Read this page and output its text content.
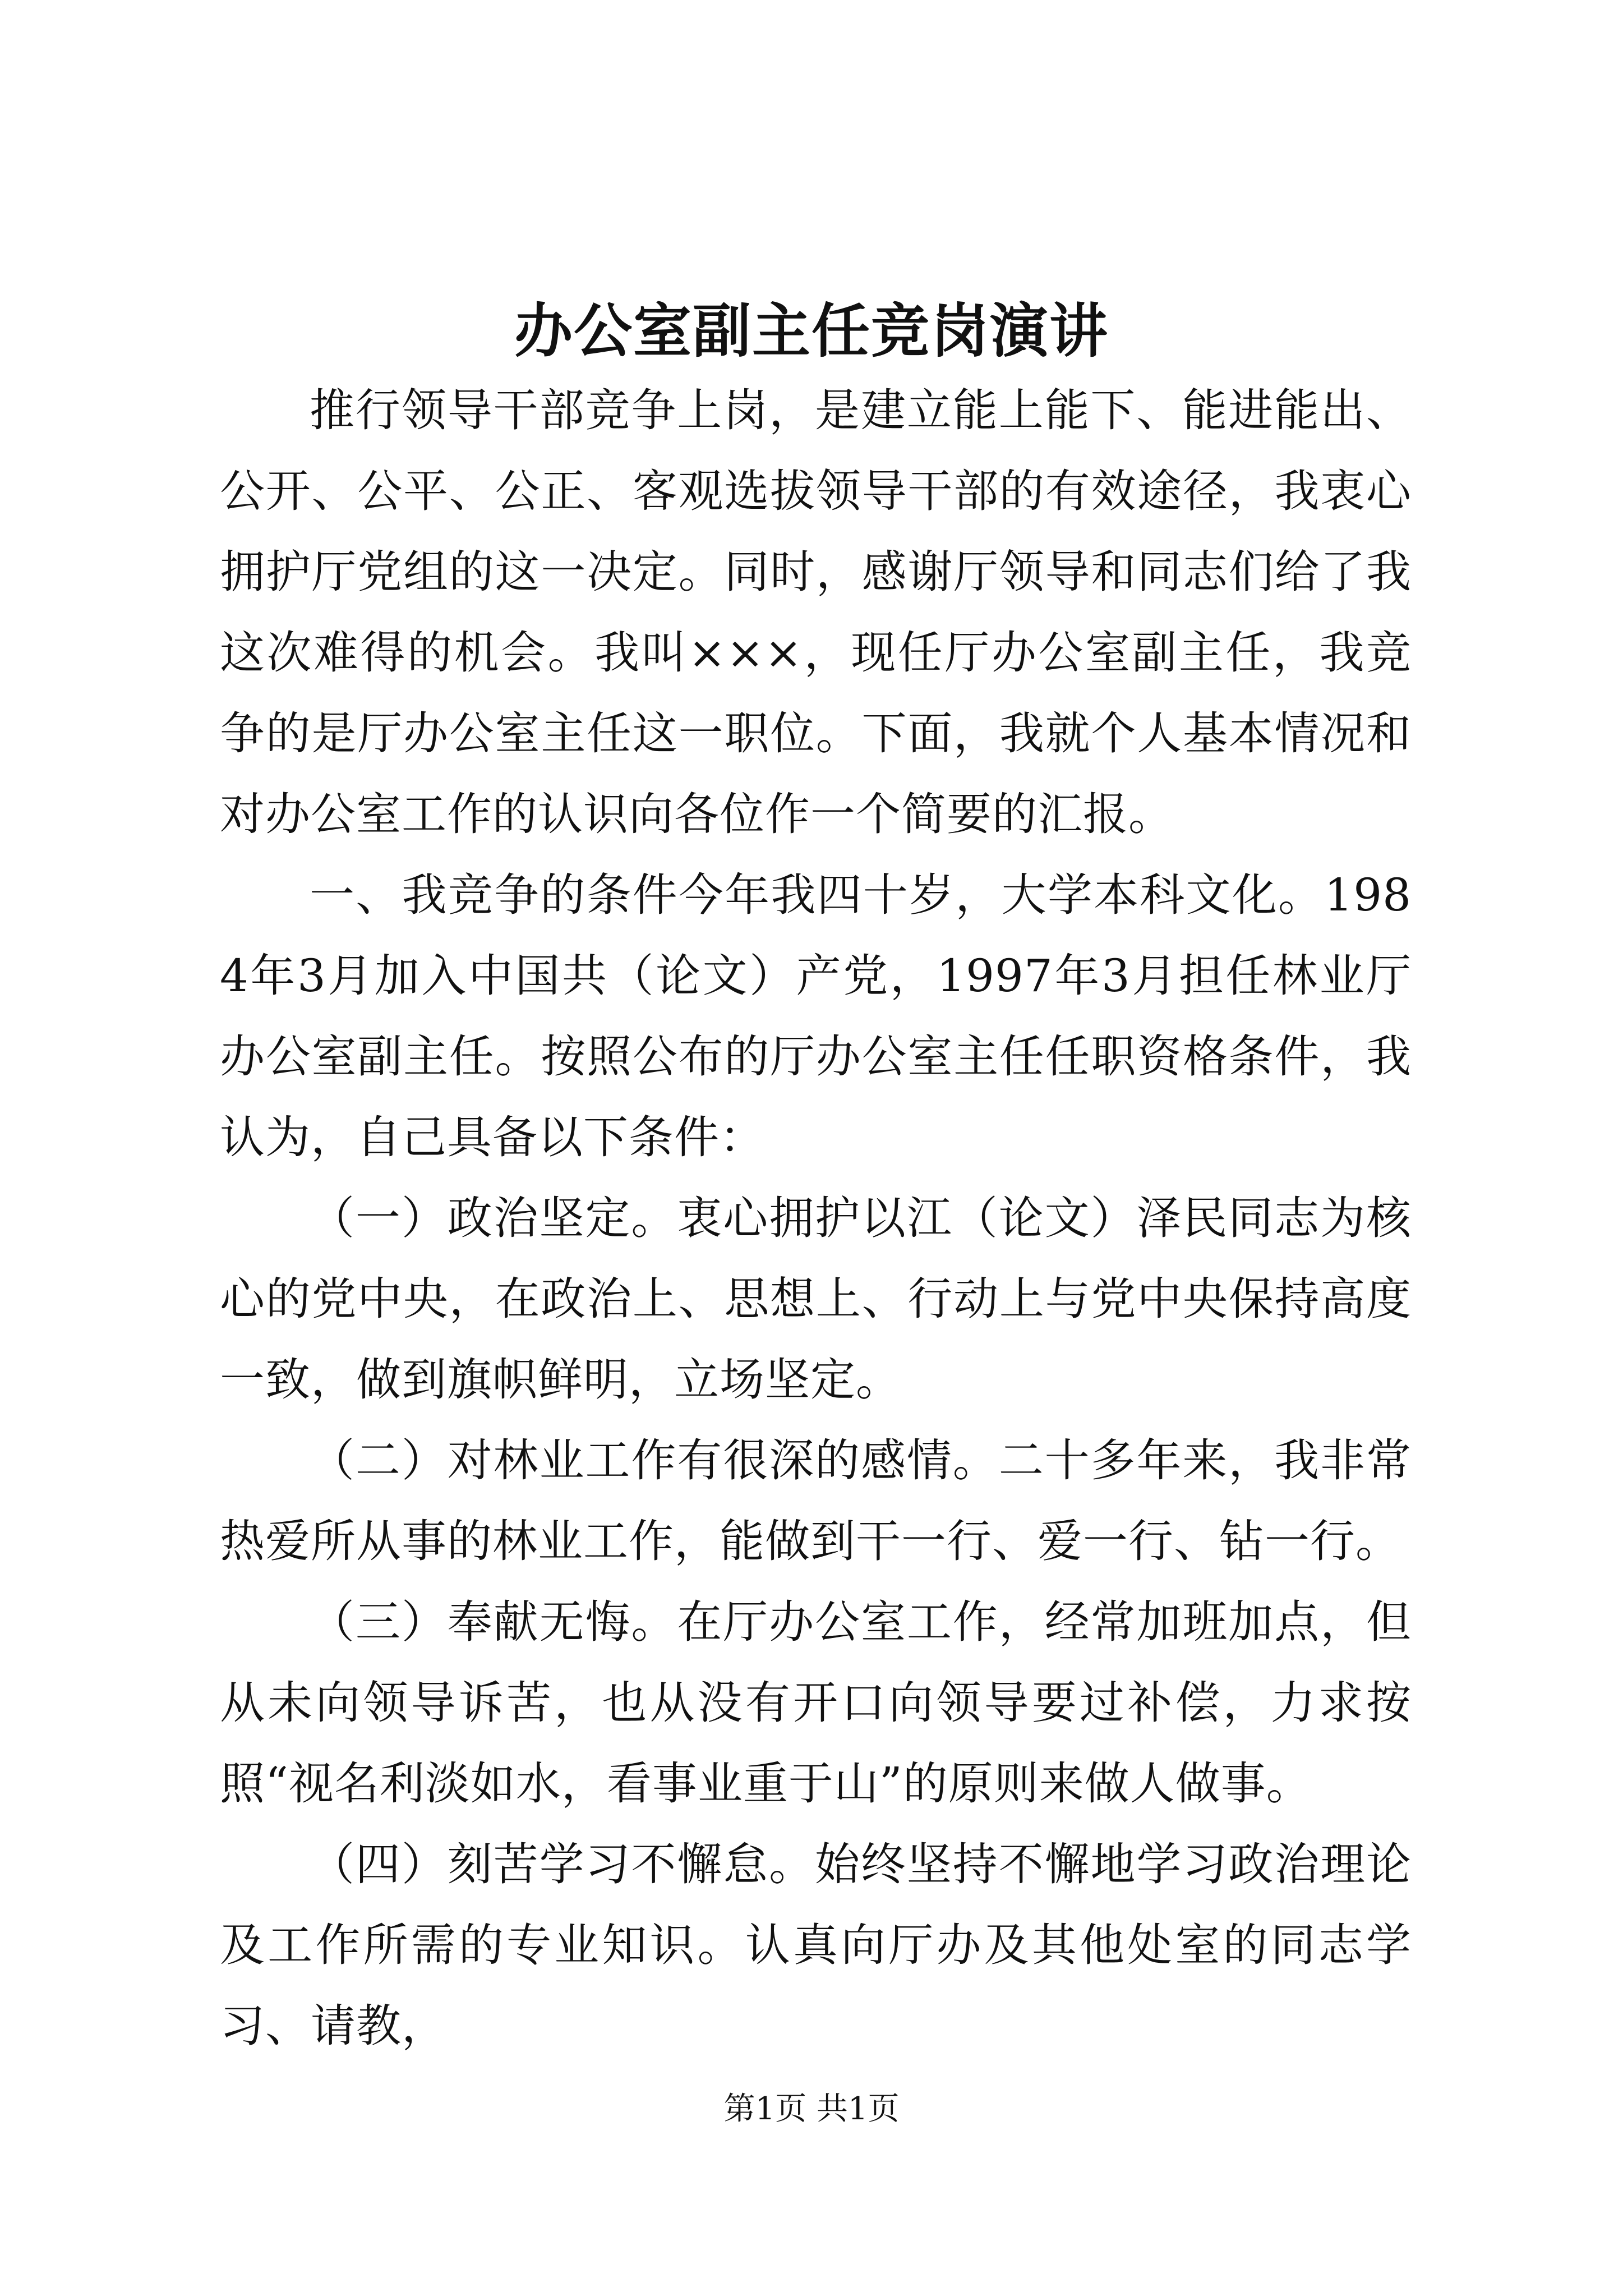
办公室副主任竞岗演讲

推行领导干部竞争上岗，是建立能上能下、能进能出、公开、公平、公正、客观选拔领导干部的有效途径，我衷心拥护厅党组的这一决定。同时，感谢厅领导和同志们给了我这次难得的机会。我叫×××，现任厅办公室副主任，我竞争的是厅办公室主任这一职位。下面，我就个人基本情况和对办公室工作的认识向各位作一个简要的汇报。

一、我竞争的条件今年我四十岁，大学本科文化。1984年3月加入中国共（论文）产党，1997年3月担任林业厅办公室副主任。按照公布的厅办公室主任任职资格条件，我认为，自己具备以下条件：

（一）政治坚定。衷心拥护以江（论文）泽民同志为核心的党中央，在政治上、思想上、行动上与党中央保持高度一致，做到旗帜鲜明，立场坚定。

（二）对林业工作有很深的感情。二十多年来，我非常热爱所从事的林业工作，能做到干一行、爱一行、钻一行。

（三）奉献无悔。在厅办公室工作，经常加班加点，但从未向领导诉苦，也从没有开口向领导要过补偿，力求按照“视名利淡如水，看事业重于山”的原则来做人做事。

（四）刻苦学习不懈怠。始终坚持不懈地学习政治理论及工作所需的专业知识。认真向厅办及其他处室的同志学习、请教，

第1页 共1页
